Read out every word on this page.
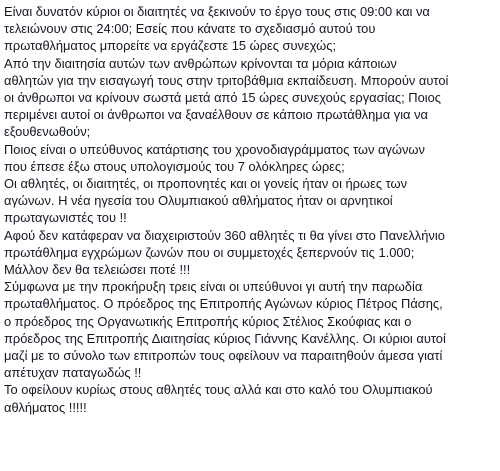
Είναι δυνατόν κύριοι οι διαιτητές να ξεκινούν το έργο τους στις 09:00 και να
τελειώνουν στις 24:00; Εσείς που κάνατε το σχεδιασμό αυτού του
πρωταθλήματος μπορείτε να εργάζεστε 15 ώρες συνεχώς;
Από την διαιτησία αυτών των ανθρώπων κρίνονται τα μόρια κάποιων
αθλητών για την εισαγωγή τους στην τριτοβάθμια εκπαίδευση. Μπορούν αυτοί
οι άνθρωποι να κρίνουν σωστά μετά από 15 ώρες συνεχούς εργασίας; Ποιος
περιμένει αυτοί οι άνθρωποι να ξαναέλθουν σε κάποιο πρωτάθλημα για να
εξουθενωθούν;
Ποιος είναι ο υπεύθυνος κατάρτισης του χρονοδιαγράμματος των αγώνων
που έπεσε έξω στους υπολογισμούς του 7 ολόκληρες ώρες;
Οι αθλητές, οι διαιτητές, οι προπονητές και οι γονείς ήταν οι ήρωες των
αγώνων. Η νέα ηγεσία του Ολυμπιακού αθλήματος ήταν οι αρνητικοί
πρωταγωνιστές του !!
Αφού δεν κατάφεραν να διαχειριστούν 360 αθλητές τι θα γίνει στο Πανελλήνιο
πρωτάθλημα εγχρώμων ζωνών που οι συμμετοχές ξεπερνούν τις 1.000;
Μάλλον δεν θα τελειώσει ποτέ !!!
Σύμφωνα με την προκήρυξη τρεις είναι οι υπεύθυνοι γι αυτή την παρωδία
πρωταθλήματος. Ο πρόεδρος της Επιτροπής Αγώνων κύριος Πέτρος Πάσης,
ο πρόεδρος της Οργανωτικής Επιτροπής κύριος Στέλιος Σκούφιας και ο
πρόεδρος της Επιτροπής Διαιτησίας κύριος Γιάννης Κανέλλης. Οι κύριοι αυτοί
μαζί με το σύνολο των επιτροπών τους οφείλουν να παραιτηθούν άμεσα γιατί
απέτυχαν παταγωδώς !!
Το οφείλουν κυρίως στους αθλητές τους αλλά και στο καλό του Ολυμπιακού
αθλήματος !!!!!
